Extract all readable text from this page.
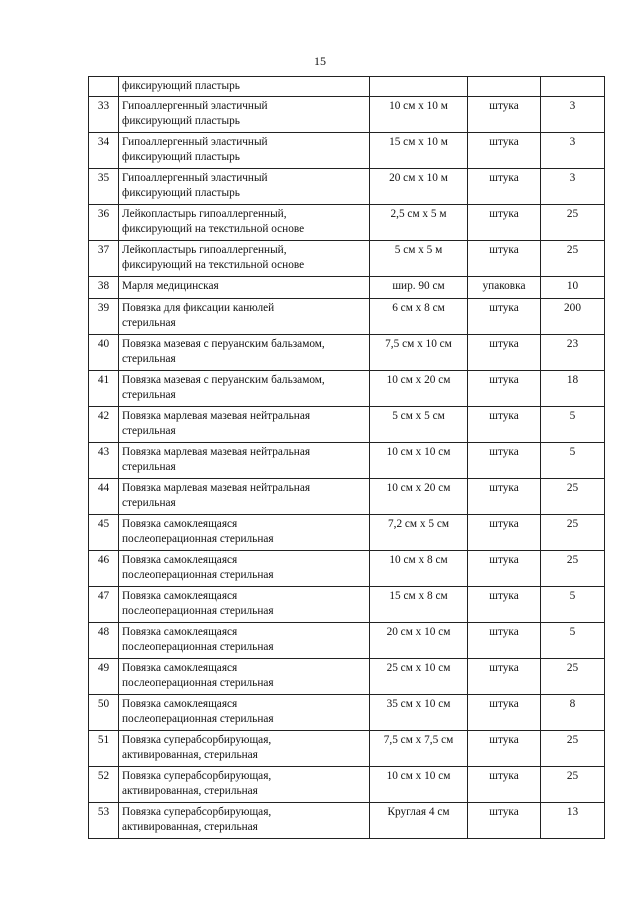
15
	фиксирующий пластырь			
33	Гипоаллергенный эластичный
фиксирующий пластырь	10 см х 10 м	штука	3
34	Гипоаллергенный эластичный
фиксирующий пластырь	15 см х 10 м	штука	3
35	Гипоаллергенный эластичный
фиксирующий пластырь	20 см х 10 м	штука	3
36	Лейкопластырь гипоаллергенный,
фиксирующий на текстильной основе	2,5 см х 5 м	штука	25
37	Лейкопластырь гипоаллергенный,
фиксирующий на текстильной основе	5 см х 5 м	штука	25
38	Марля медицинская	шир. 90 см	упаковка	10
39	Повязка для фиксации канюлей
стерильная	6 см х 8 см	штука	200
40	Повязка мазевая с перуанским бальзамом,
стерильная	7,5 см х 10 см	штука	23
41	Повязка мазевая с перуанским бальзамом,
стерильная	10 см х 20 см	штука	18
42	Повязка марлевая мазевая нейтральная
стерильная	5 см х 5 см	штука	5
43	Повязка марлевая мазевая нейтральная
стерильная	10 см х 10 см	штука	5
44	Повязка марлевая мазевая нейтральная
стерильная	10 см х 20 см	штука	25
45	Повязка самоклеящаяся
послеоперационная стерильная	7,2 см х 5 см	штука	25
46	Повязка самоклеящаяся
послеоперационная стерильная	10 см х 8 см	штука	25
47	Повязка самоклеящаяся
послеоперационная стерильная	15 см х 8 см	штука	5
48	Повязка самоклеящаяся
послеоперационная стерильная	20 см х 10 см	штука	5
49	Повязка самоклеящаяся
послеоперационная стерильная	25 см х 10 см	штука	25
50	Повязка самоклеящаяся
послеоперационная стерильная	35 см х 10 см	штука	8
51	Повязка суперабсорбирующая,
активированная, стерильная	7,5 см х 7,5 см	штука	25
52	Повязка суперабсорбирующая,
активированная, стерильная	10 см х 10 см	штука	25
53	Повязка суперабсорбирующая,
активированная, стерильная	Круглая 4 см	штука	13
